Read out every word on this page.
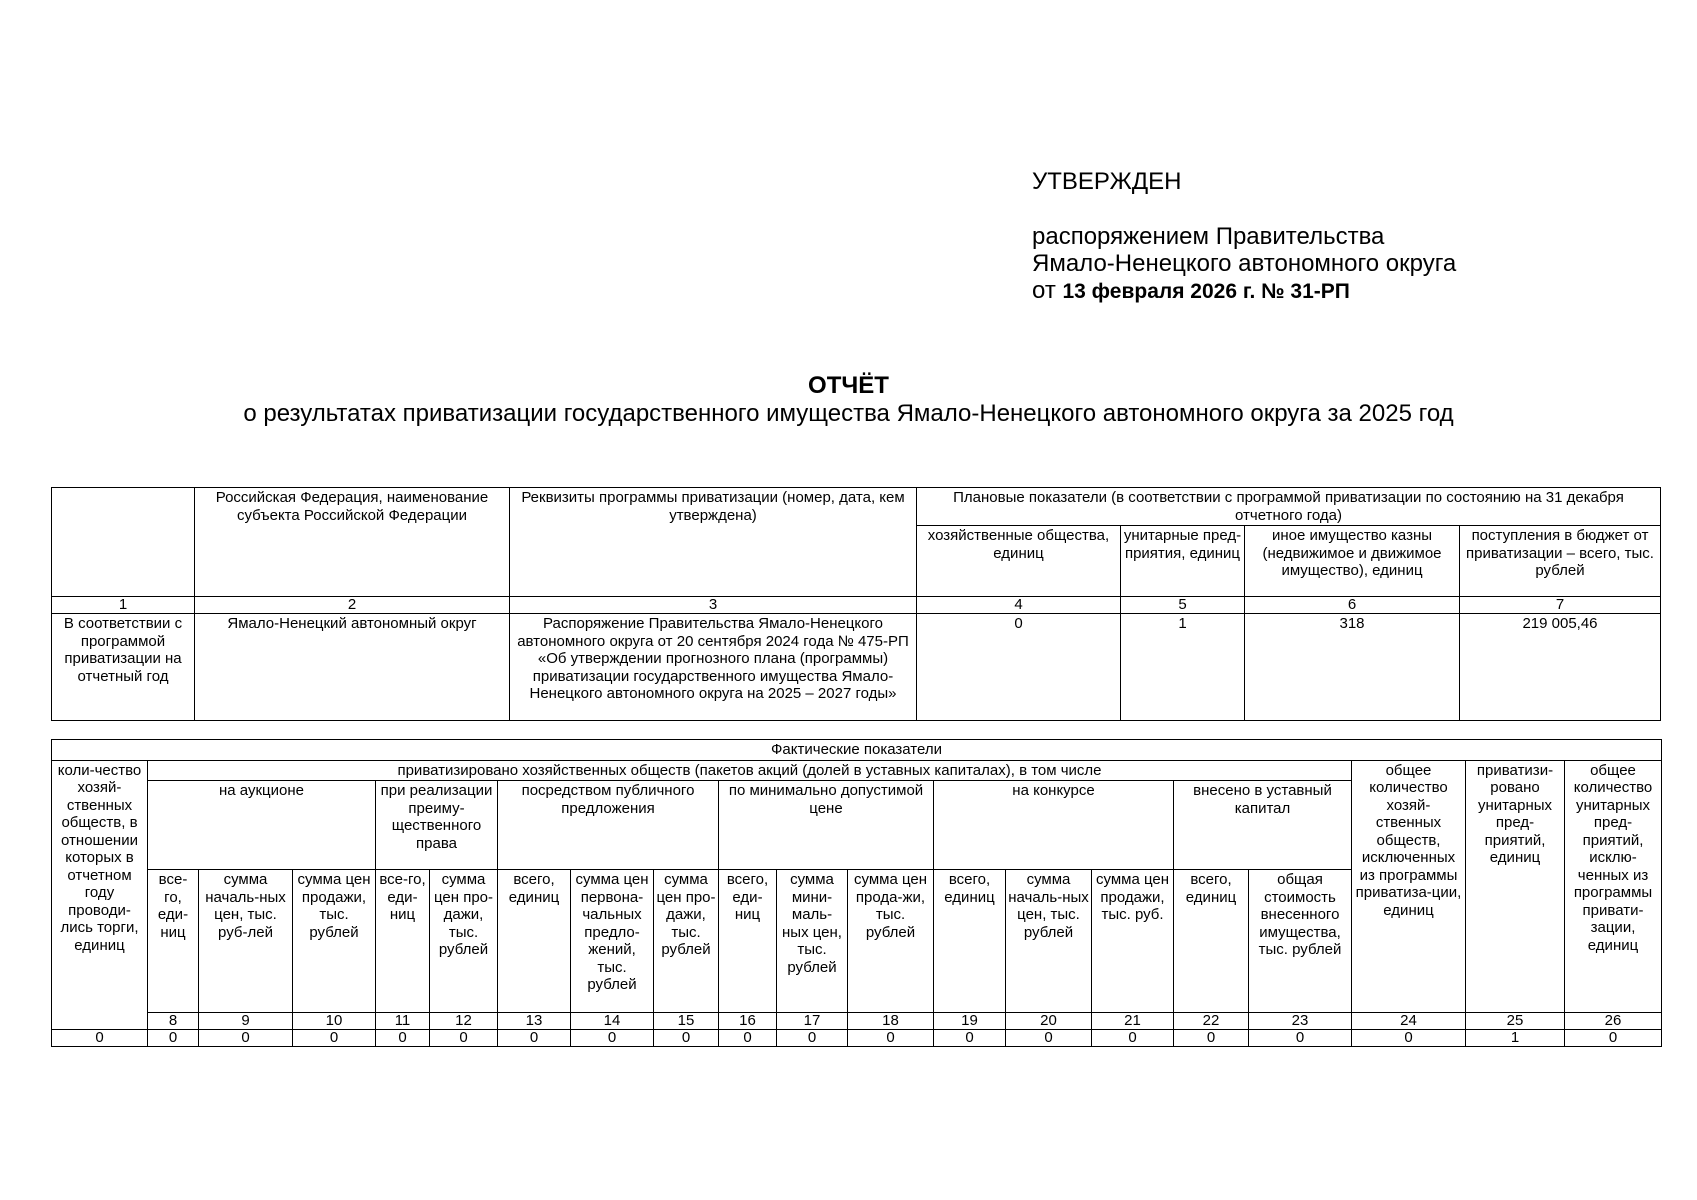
УТВЕРЖДЕН
распоряжением Правительства
Ямало-Ненецкого автономного округа
от 13 февраля 2026 г. № 31-РП
ОТЧЁТ
о результатах приватизации государственного имущества Ямало-Ненецкого автономного округа за 2025 год
	Российская Федерация, наименование субъекта Российской Федерации	Реквизиты программы приватизации (номер, дата, кем утверждена)	Плановые показатели (в соответствии с программой приватизации по состоянию на 31 декабря отчетного года)			
			хозяйственные общества, единиц	унитарные пред-приятия, единиц	иное имущество казны (недвижимое и движимое имущество), единиц	поступления в бюджет от приватизации – всего, тыс. рублей
1	2	3	4	5	6	7
В соответствии с программой приватизации на отчетный год	Ямало-Ненецкий автономный округ	Распоряжение Правительства Ямало-Ненецкого автономного округа от 20 сентября 2024 года № 475-РП «Об утверждении прогнозного плана (программы) приватизации государственного имущества Ямало-Ненецкого автономного округа на 2025 – 2027 годы»	0	1	318	219 005,46
Фактические показатели																				
коли-чество хозяй-ственных обществ, в отношении которых в отчетном году проводи-лись торги, единиц	приватизировано хозяйственных обществ (пакетов акций (долей в уставных капиталах), в том числе																общее количество хозяй-ственных обществ, исключенных из программы приватиза-ции, единиц	приватизи-ровано унитарных пред-приятий, единиц	общее количество унитарных пред-приятий, исклю-ченных из программы привати-зации, единиц	
	на аукционе			при реализации преиму-щественного права		посредством публичного предложения			по минимально допустимой цене			на конкурсе			внесено в уставный капитал					
	все-го, еди-ниц	сумма началь-ных цен, тыс. руб-лей	сумма цен продажи, тыс. рублей	все-го, еди-ниц	сумма цен про-дажи, тыс. рублей	всего, единиц	сумма цен первона-чальных предло-жений, тыс. рублей	сумма цен про-дажи, тыс. рублей	всего, еди-ниц	сумма мини-маль-ных цен, тыс. рублей	сумма цен прода-жи, тыс. рублей	всего, единиц	сумма началь-ных цен, тыс. рублей	сумма цен продажи, тыс. руб.	всего, единиц	общая стоимость внесенного имущества, тыс. рублей				
	8	9	10	11	12	13	14	15	16	17	18	19	20	21	22	23	24	25	26	
0	0	0	0	0	0	0	0	0	0	0	0	0	0	0	0	0	0	1	0	
